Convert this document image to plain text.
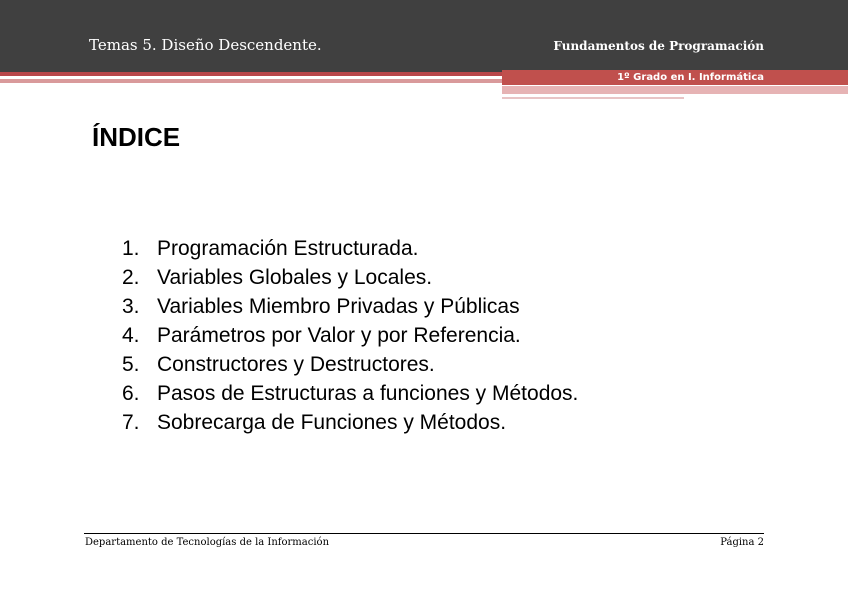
Temas 5. Diseño Descendente.	Fundamentos de Programación
1º Grado en I. Informática
ÍNDICE
1. Programación Estructurada.
2. Variables Globales y Locales.
3. Variables Miembro Privadas y Públicas
4. Parámetros por Valor y por Referencia.
5. Constructores y Destructores.
6. Pasos de Estructuras a funciones y Métodos.
7. Sobrecarga de Funciones y Métodos.
Departamento de Tecnologías de la Información	Página 2
